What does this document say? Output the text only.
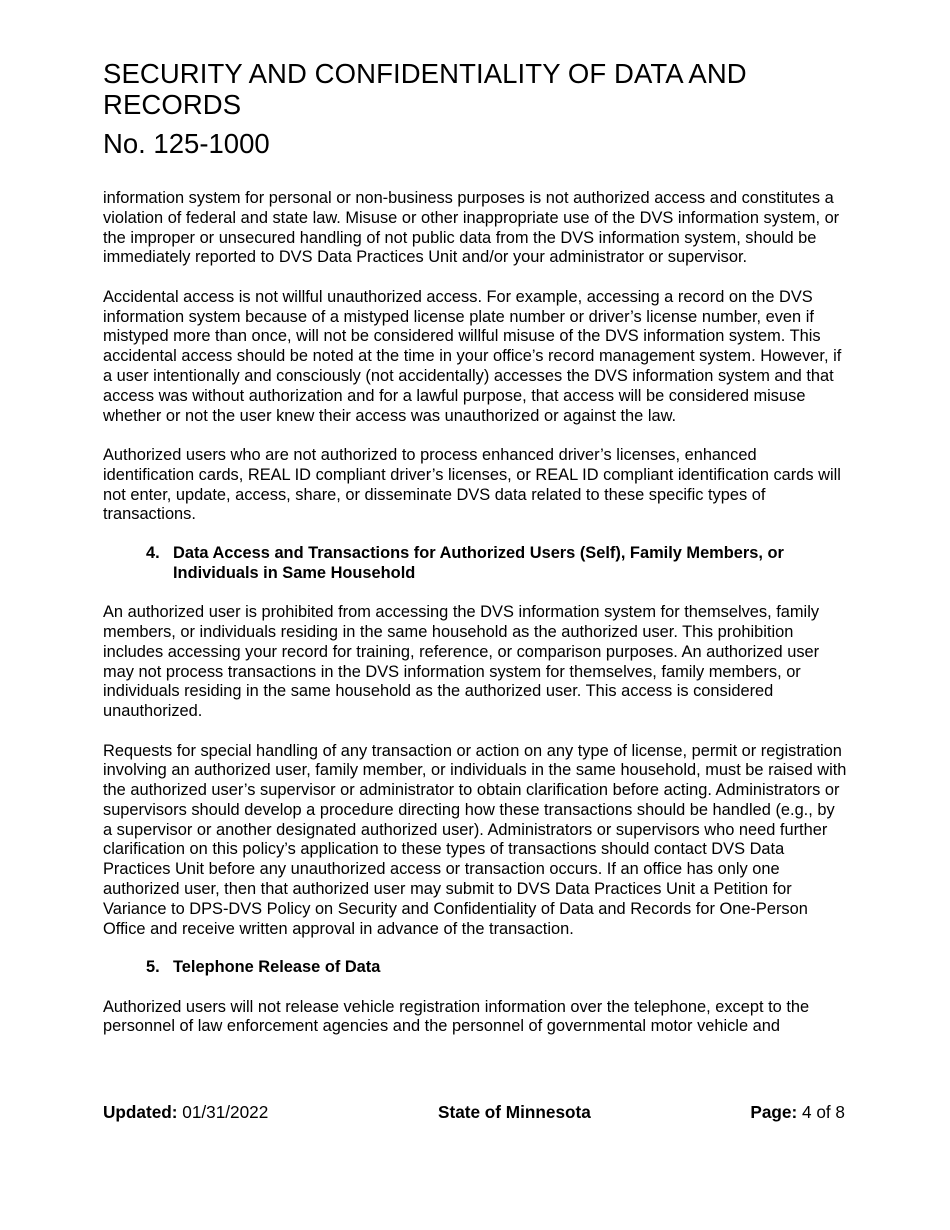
SECURITY AND CONFIDENTIALITY OF DATA AND RECORDS
No. 125-1000

information system for personal or non-business purposes is not authorized access and constitutes a violation of federal and state law. Misuse or other inappropriate use of the DVS information system, or the improper or unsecured handling of not public data from the DVS information system, should be immediately reported to DVS Data Practices Unit and/or your administrator or supervisor.

Accidental access is not willful unauthorized access. For example, accessing a record on the DVS information system because of a mistyped license plate number or driver’s license number, even if mistyped more than once, will not be considered willful misuse of the DVS information system. This accidental access should be noted at the time in your office’s record management system. However, if a user intentionally and consciously (not accidentally) accesses the DVS information system and that access was without authorization and for a lawful purpose, that access will be considered misuse whether or not the user knew their access was unauthorized or against the law.

Authorized users who are not authorized to process enhanced driver’s licenses, enhanced identification cards, REAL ID compliant driver’s licenses, or REAL ID compliant identification cards will not enter, update, access, share, or disseminate DVS data related to these specific types of transactions.

4. Data Access and Transactions for Authorized Users (Self), Family Members, or Individuals in Same Household

An authorized user is prohibited from accessing the DVS information system for themselves, family members, or individuals residing in the same household as the authorized user. This prohibition includes accessing your record for training, reference, or comparison purposes. An authorized user may not process transactions in the DVS information system for themselves, family members, or individuals residing in the same household as the authorized user. This access is considered unauthorized.

Requests for special handling of any transaction or action on any type of license, permit or registration involving an authorized user, family member, or individuals in the same household, must be raised with the authorized user’s supervisor or administrator to obtain clarification before acting. Administrators or supervisors should develop a procedure directing how these transactions should be handled (e.g., by a supervisor or another designated authorized user). Administrators or supervisors who need further clarification on this policy’s application to these types of transactions should contact DVS Data Practices Unit before any unauthorized access or transaction occurs. If an office has only one authorized user, then that authorized user may submit to DVS Data Practices Unit a Petition for Variance to DPS-DVS Policy on Security and Confidentiality of Data and Records for One-Person Office and receive written approval in advance of the transaction.

5. Telephone Release of Data

Authorized users will not release vehicle registration information over the telephone, except to the personnel of law enforcement agencies and the personnel of governmental motor vehicle and

Updated: 01/31/2022	State of Minnesota	Page: 4 of 8
